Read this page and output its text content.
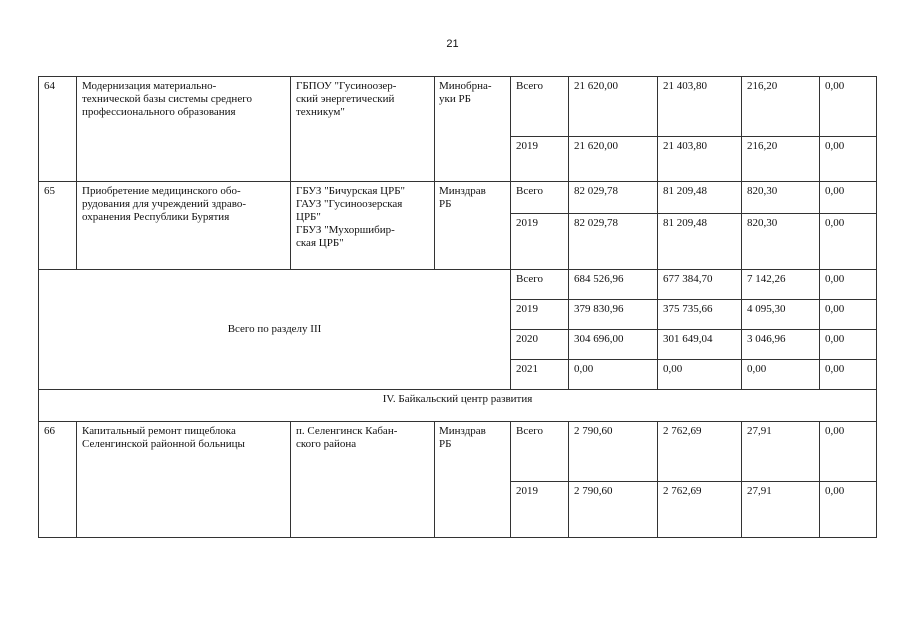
21
64	Модернизация материально-
технической базы системы среднего
профессионального образования	ГБПОУ "Гусиноозер-
ский энергетический
техникум"	Минобрна-
уки РБ	Всего	21 620,00	21 403,80	216,20	0,00
				2019	21 620,00	21 403,80	216,20	0,00
65	Приобретение медицинского обо-
рудования для учреждений здраво-
охранения Республики Бурятия	ГБУЗ "Бичурская ЦРБ"
ГАУЗ "Гусиноозерская
ЦРБ"
ГБУЗ "Мухоршибир-
ская ЦРБ"	Минздрав
РБ	Всего	82 029,78	81 209,48	820,30	0,00
				2019	82 029,78	81 209,48	820,30	0,00
Всего по разделу III				Всего	684 526,96	677 384,70	7 142,26	0,00
				2019	379 830,96	375 735,66	4 095,30	0,00
				2020	304 696,00	301 649,04	3 046,96	0,00
				2021	0,00	0,00	0,00	0,00
IV. Байкальский центр развития								
66	Капитальный ремонт пищеблока
Селенгинской районной больницы	п. Селенгинск Кабан-
ского района	Минздрав
РБ	Всего	2 790,60	2 762,69	27,91	0,00
				2019	2 790,60	2 762,69	27,91	0,00
